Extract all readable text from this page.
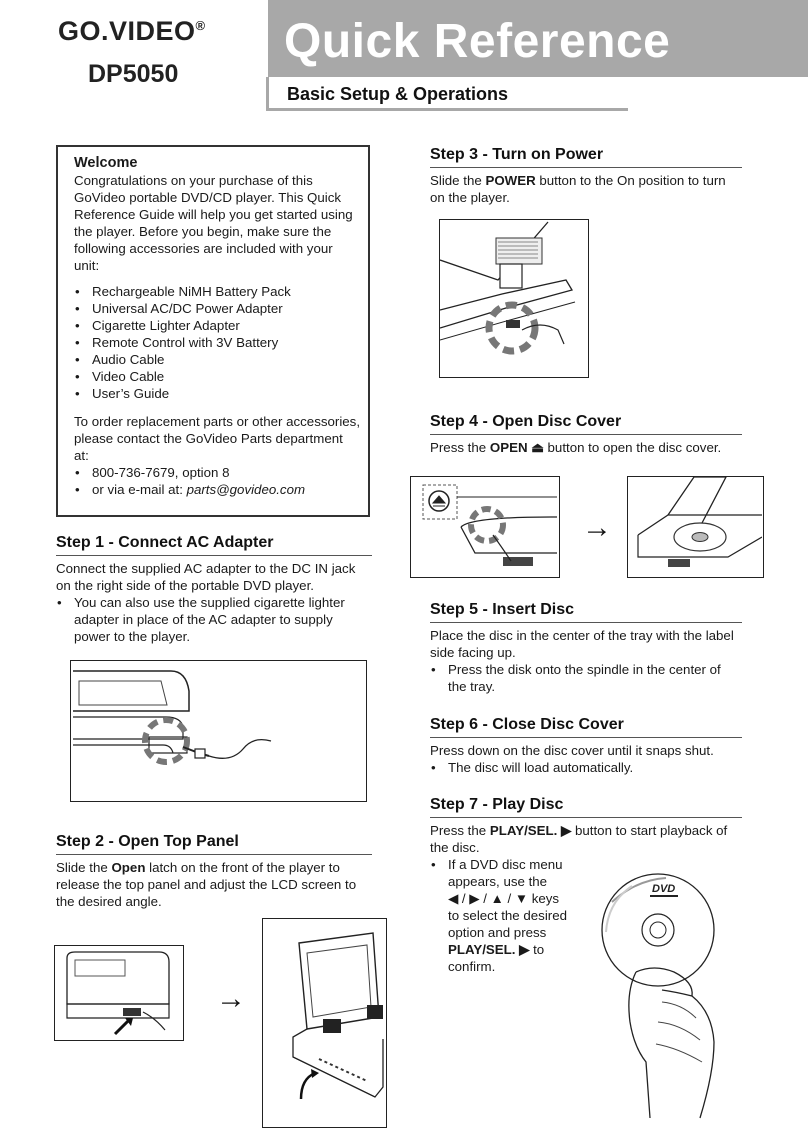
GO.VIDEO®
DP5050
Quick Reference
Basic Setup & Operations
Welcome

Congratulations on your purchase of this GoVideo portable DVD/CD player. This Quick Reference Guide will help you get started using the player. Before you begin, make sure the following accessories are included with your unit:

• Rechargeable NiMH Battery Pack
• Universal AC/DC Power Adapter
• Cigarette Lighter Adapter
• Remote Control with 3V Battery
• Audio Cable
• Video Cable
• User’s Guide

To order replacement parts or other accessories, please contact the GoVideo Parts department at:

• 800-736-7679, option 8
• or via e-mail at: parts@govideo.com
Step 1 - Connect AC Adapter

Connect the supplied AC adapter to the DC IN jack on the right side of the portable DVD player.

• You can also use the supplied cigarette lighter adapter in place of the AC adapter to supply power to the player.
Step 2 - Open Top Panel

Slide the Open latch on the front of the player to release the top panel and adjust the LCD screen to the desired angle.

→
Step 3 - Turn on Power

Slide the POWER button to the On position to turn on the player.

Step 4 - Open Disc Cover

Press the OPEN ⏏ button to open the disc cover.

→
Step 5 - Insert Disc

Place the disc in the center of the tray with the label side facing up.

• Press the disk onto the spindle in the center of the tray.
Step 6 - Close Disc Cover

Press down on the disc cover until it snaps shut.

• The disc will load automatically.
Step 7 - Play Disc

Press the PLAY/SEL. ▶ button to start playback of the disc.

• If a DVD disc menu
appears, use the
◀ / ▶ / ▲ / ▼ keys
to select the desired
option and press
PLAY/SEL. ▶ to
confirm.
DVD
